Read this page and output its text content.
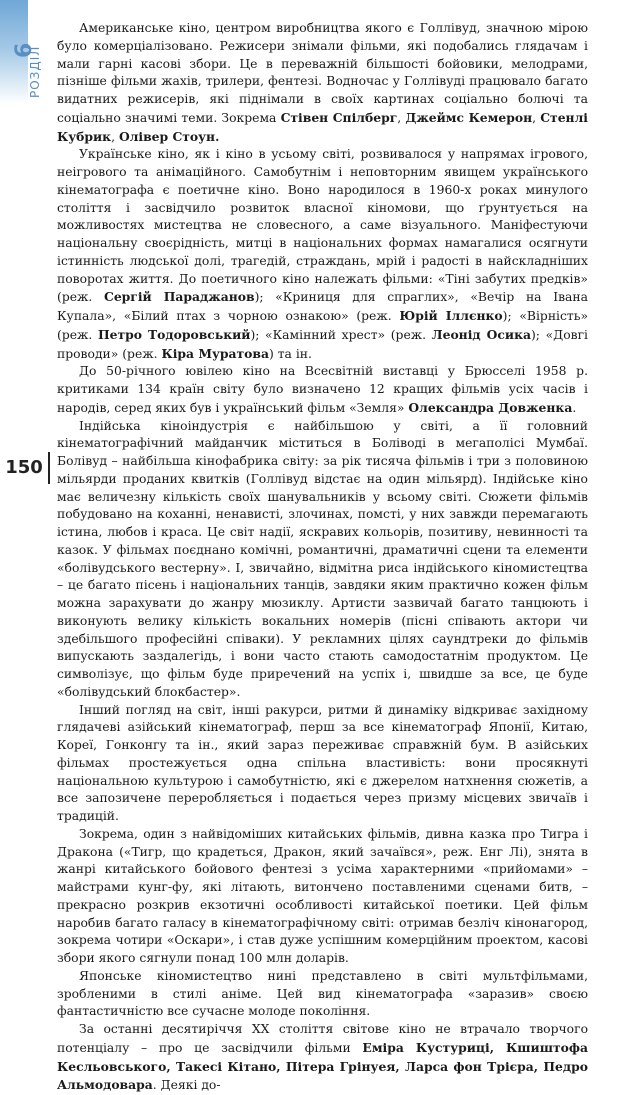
6
РОЗДІЛ
150

Американське кіно, центром виробництва якого є Голлівуд, значною мірою було комерціалізовано. Режисери знімали фільми, які подобались глядачам і мали гарні касові збори. Це в переважній більшості бойовики, мелодрами, пізніше фільми жахів, трилери, фентезі. Водночас у Голлівуді працювало багато видатних режисерів, які піднімали в своїх картинах соціально болючі та соціально значимі теми. Зокрема Стівен Спілберг, Джеймс Кемерон, Стенлі Кубрик, Олівер Стоун.

Українське кіно, як і кіно в усьому світі, розвивалося у напрямах ігрового, неігрового та анімаційного. Самобутнім і неповторним явищем українського кінематографа є поетичне кіно. Воно народилося в 1960-х роках минулого століття і засвідчило розвиток власної кіномови, що ґрунтується на можливостях мистецтва не словесного, а саме візуального. Маніфестуючи національну своєрідність, митці в національних формах намагалися осягнути істинність людської долі, трагедій, страждань, мрій і радості в найскладніших поворотах життя. До поетичного кіно належать фільми: «Тіні забутих предків» (реж. Сергій Параджанов); «Криниця для спраглих», «Вечір на Івана Купала», «Білий птах з чорною ознакою» (реж. Юрій Іллєнко); «Вірність» (реж. Петро Тодоровський); «Камінний хрест» (реж. Леонід Осика); «Довгі проводи» (реж. Кіра Муратова) та ін.

До 50-річного ювілею кіно на Всесвітній виставці у Брюсселі 1958 р. критиками 134 країн світу було визначено 12 кращих фільмів усіх часів і народів, серед яких був і український фільм «Земля» Олександра Довженка.

Індійська кіноіндустрія є найбільшою у світі, а її головний кінематографічний майданчик міститься в Боліводі в мегаполісі Мумбаї. Болівуд – найбільша кінофабрика світу: за рік тисяча фільмів і три з половиною мільярди проданих квитків (Голлівуд відстає на один мільярд). Індійське кіно має величезну кількість своїх шанувальників у всьому світі. Сюжети фільмів побудовано на коханні, ненависті, злочинах, помсті, у них завжди перемагають істина, любов і краса. Це світ надії, яскравих кольорів, позитиву, невинності та казок. У фільмах поєднано комічні, романтичні, драматичні сцени та елементи «болівудського вестерну». І, звичайно, відмітна риса індійського кіномистецтва – це багато пісень і національних танців, завдяки яким практично кожен фільм можна зарахувати до жанру мюзиклу. Артисти зазвичай багато танцюють і виконують велику кількість вокальних номерів (пісні співають актори чи здебільшого професійні співаки). У рекламних цілях саундтреки до фільмів випускають заздалегідь, і вони часто стають самодостатнім продуктом. Це символізує, що фільм буде приречений на успіх і, швидше за все, це буде «болівудський блокбастер».

Інший погляд на світ, інші ракурси, ритми й динаміку відкриває західному глядачеві азійський кінематограф, перш за все кінематограф Японії, Китаю, Кореї, Гонконгу та ін., який зараз переживає справжній бум. В азійських фільмах простежується одна спільна властивість: вони просякнуті національною культурою і самобутністю, які є джерелом натхнення сюжетів, а все запозичене переробляється і подається через призму місцевих звичаїв і традицій.

Зокрема, один з найвідоміших китайських фільмів, дивна казка про Тигра і Дракона («Тигр, що крадеться, Дракон, який зачаївся», реж. Енг Лі), знята в жанрі китайського бойового фентезі з усіма характерними «прийомами» – майстрами кунг-фу, які літають, витончено поставленими сценами битв, – прекрасно розкрив екзотичні особливості китайської поетики. Цей фільм наробив багато галасу в кінематографічному світі: отримав безліч кінонагород, зокрема чотири «Оскари», і став дуже успішним комерційним проектом, касові збори якого сягнули понад 100 млн доларів.

Японське кіномистецтво нині представлено в світі мультфільмами, зробленими в стилі аніме. Цей вид кінематографа «заразив» своєю фантастичністю все сучасне молоде покоління.

За останні десятиріччя XX століття світове кіно не втрачало творчого потенціалу – про це засвідчили фільми Еміра Кустуриці, Кшиштофа Кесльовського, Такесі Кітано, Пітера Грінуея, Ларса фон Трієра, Педро Альмодовара. Деякі до-
